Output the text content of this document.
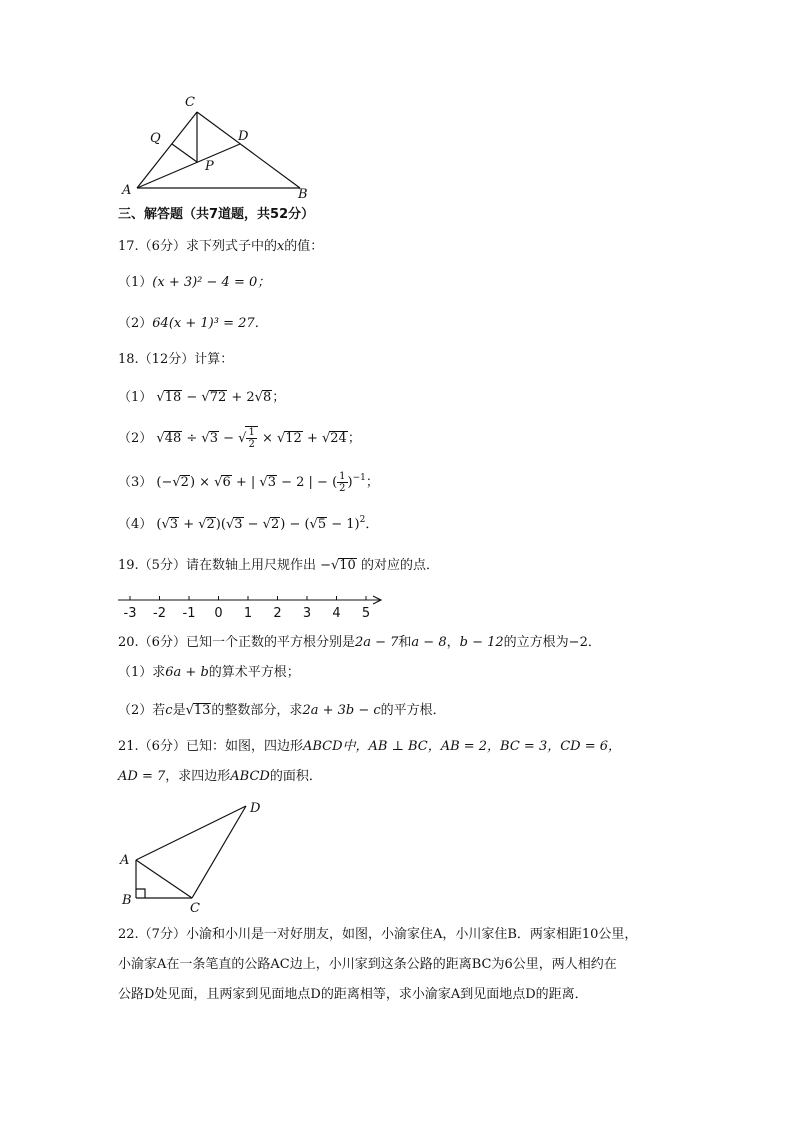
C
Q	D
P
A	B
三、解答题（共7道题，共52分）
17.（6分）求下列式子中的x的值：
（1）(x + 3)² − 4 = 0；
（2）64(x + 1)³ = 27．
18.（12分）计算：
（1） √18 − √72 + 2√8；
（2） √48 ÷ √3 − √ $\frac{1}{2} \times √12 + √24$；
（3） (−√2) × √6 + | √3 − 2 | − ( $\frac{1}{2} )^{-1}$；
（4） $(√3 + √2)(√3 - √2) - (√5 - 1)^2$．
19.（5分）请在数轴上用尺规作出 −√10 的对应的点．
-3 -2 -1 0 1 2 3 4 5
20.（6分）已知一个正数的平方根分别是2a − 7和a − 8，b − 12的立方根为−2．
（1）求6a + b的算术平方根；
（2）若c是√13的整数部分，求2a + 3b − c的平方根．
21.（6分）已知：如图，四边形ABCD中，AB ⊥ BC，AB = 2，BC = 3，CD = 6，
AD = 7，求四边形ABCD的面积．
D
A
B
C
22.（7分）小渝和小川是一对好朋友，如图，小渝家住A，小川家住B．两家相距10公里，
小渝家A在一条笔直的公路AC边上，小川家到这条公路的距离BC为6公里，两人相约在
公路D处见面，且两家到见面地点D的距离相等，求小渝家A到见面地点D的距离．
